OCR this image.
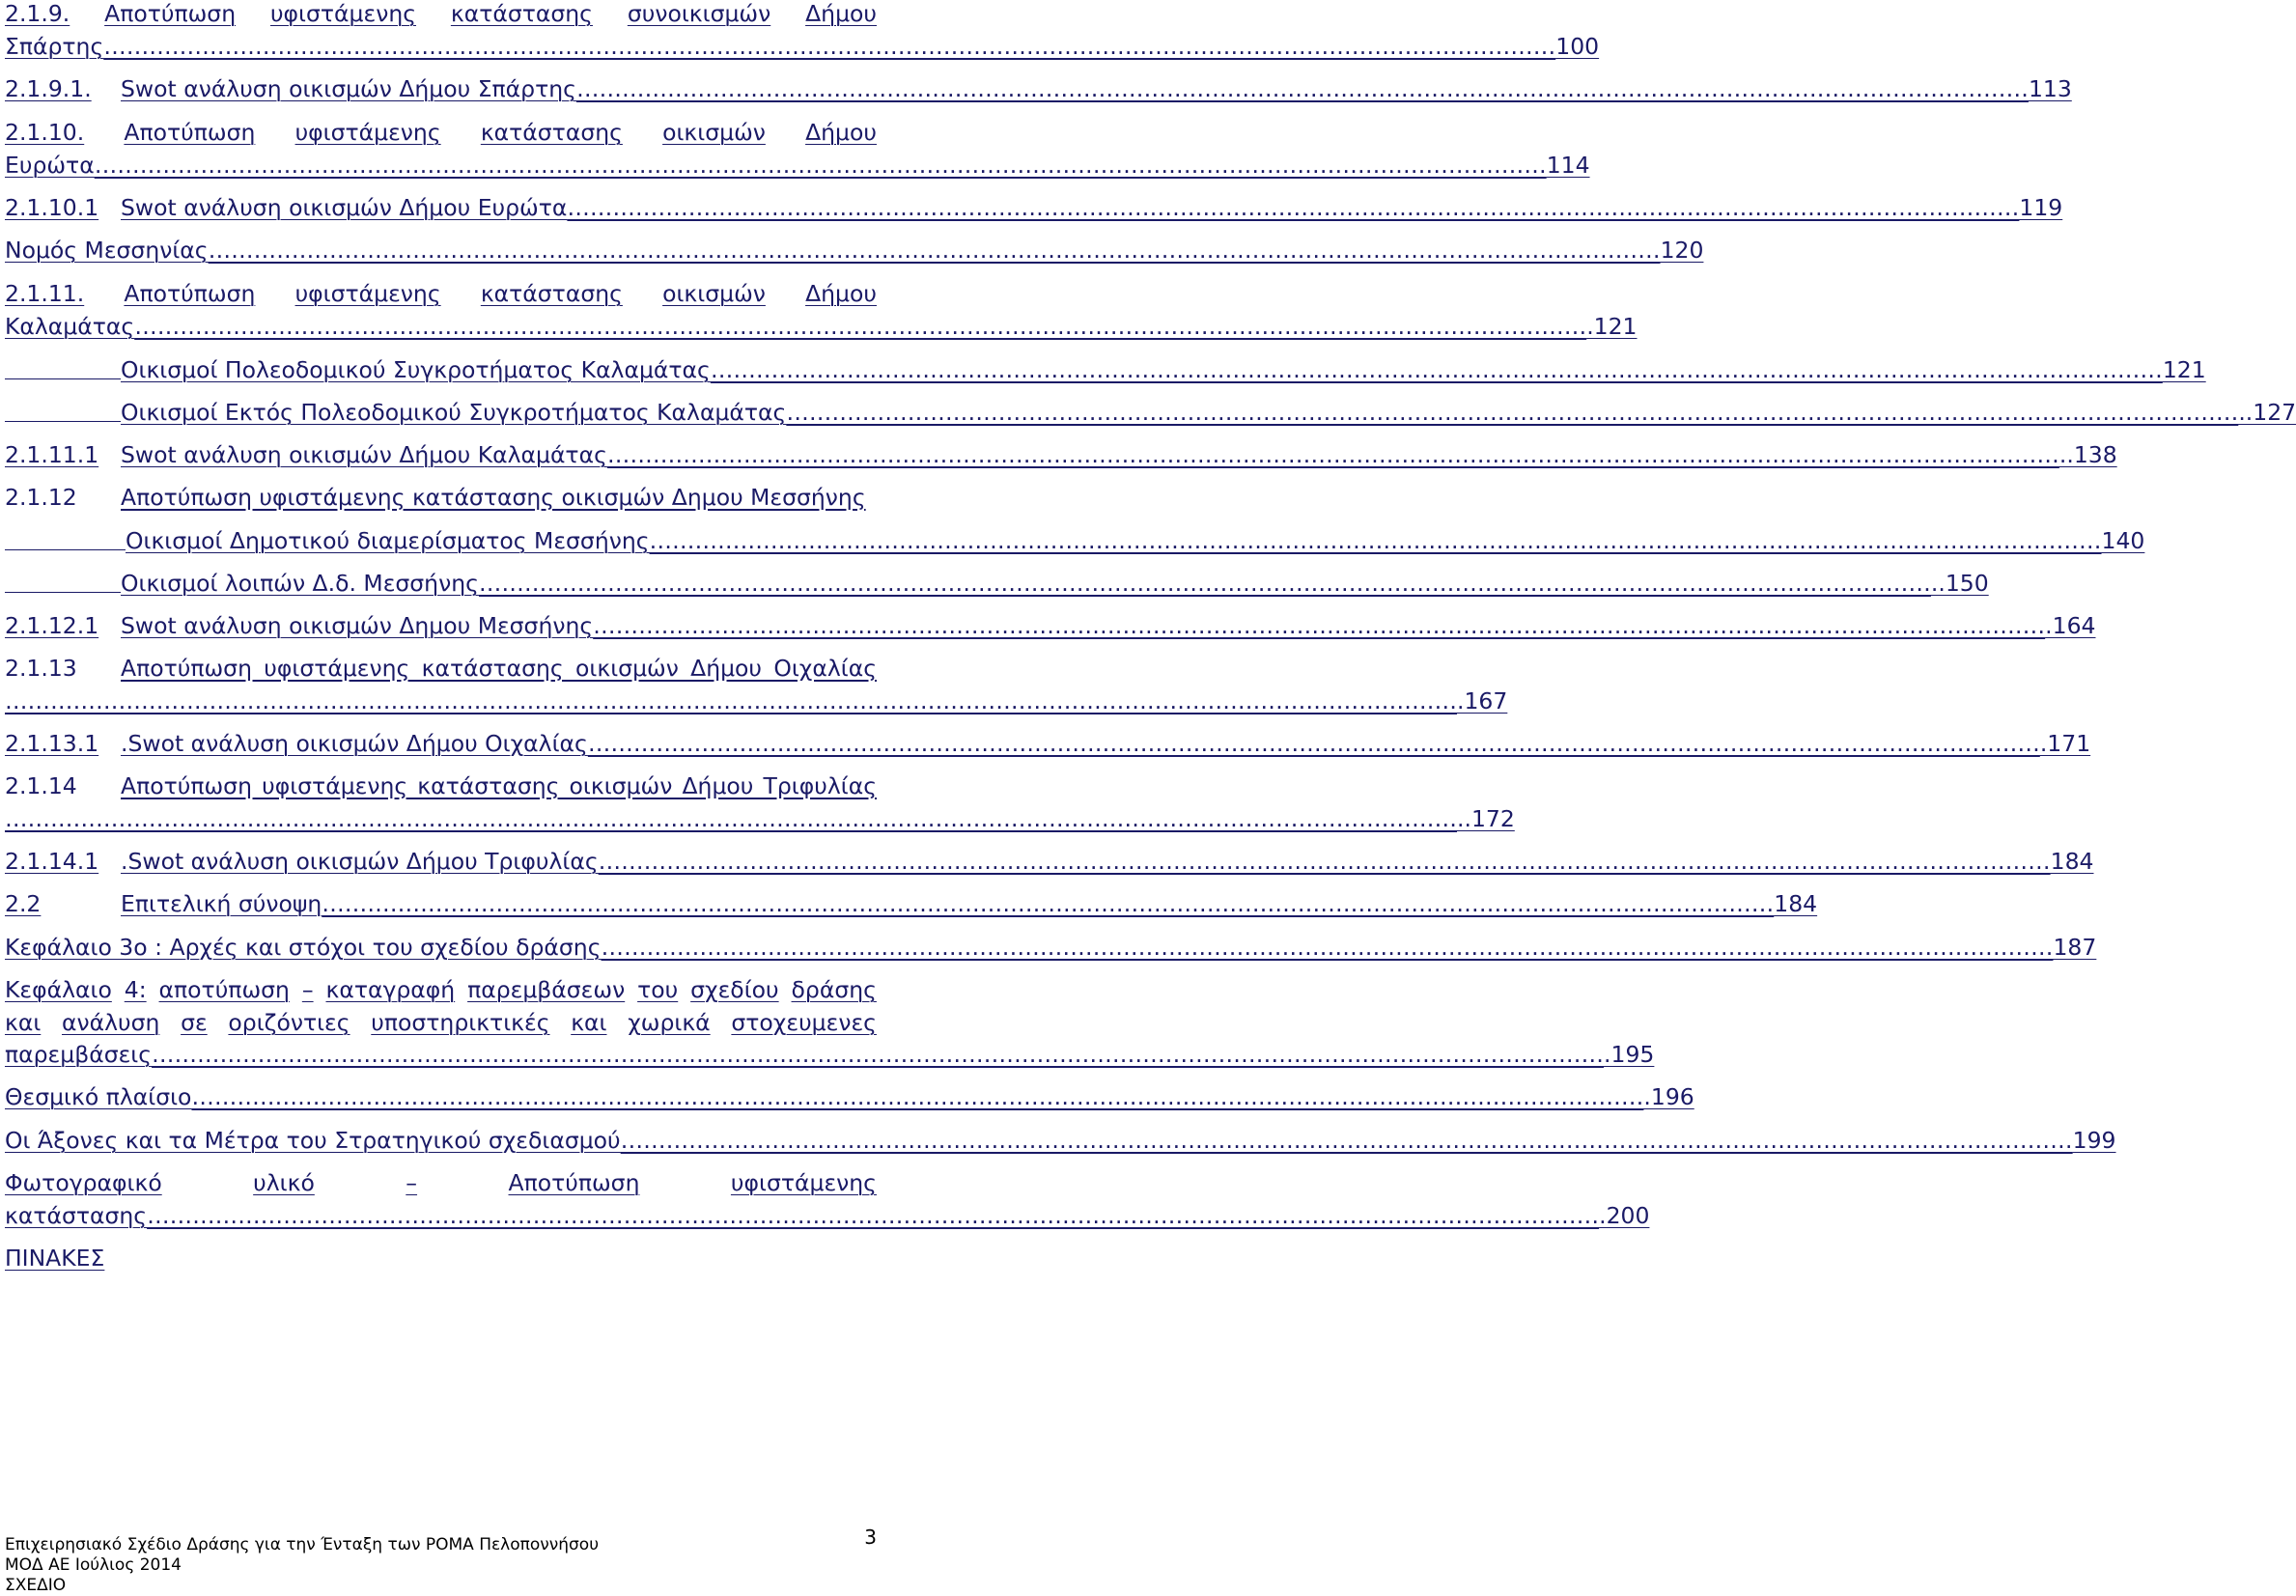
2.1.9. Αποτύπωση υφιστάμενης κατάστασης συνοικισμών Δήμου
Σπάρτης ………………………………………………………………………………………………………………………………………………………………………… 100
2.1.9.1.	Swot ανάλυση οικισμών Δήμου Σπάρτης ………………………………………………………………………………………………………………………………………………………………………… 113
2.1.10. Αποτύπωση υφιστάμενης κατάστασης οικισμών Δήμου
Ευρώτα ………………………………………………………………………………………………………………………………………………………………………… 114
2.1.10.1 Swot ανάλυση οικισμών Δήμου Ευρώτα ………………………………………………………………………………………………………………………………………………………………………… 119
Νομός Μεσσηνίας ………………………………………………………………………………………………………………………………………………………………………… 120
2.1.11. Αποτύπωση υφιστάμενης κατάστασης οικισμών Δήμου
Καλαμάτας ………………………………………………………………………………………………………………………………………………………………………… .121
Οικισμοί Πολεοδομικού Συγκροτήματος Καλαμάτας ………………………………………………………………………………………………………………………………………………………………………… 121
Οικισμοί Εκτός Πολεοδομικού Συγκροτήματος Καλαμάτας ………………………………………………………………………………………………………………………………………………………………………… ..127
2.1.11.1 Swot ανάλυση οικισμών Δήμου Καλαμάτας ………………………………………………………………………………………………………………………………………………………………………… ..138
2.1.12 Αποτύπωση υφιστάμενης κατάστασης οικισμών Δημου Μεσσήνης
Οικισμοί Δημοτικού διαμερίσματος Μεσσήνης ………………………………………………………………………………………………………………………………………………………………………… 140
Οικισμοί λοιπών Δ.δ. Μεσσήνης ………………………………………………………………………………………………………………………………………………………………………… ..150
2.1.12.1 Swot ανάλυση οικισμών Δημου Μεσσήνης ………………………………………………………………………………………………………………………………………………………………………… .164
2.1.13 Αποτύπωση υφιστάμενης κατάστασης οικισμών Δήμου Οιχαλίας
………………………………………………………………………………………………………………………………………………………………………… .167
2.1.13.1 .Swot ανάλυση οικισμών Δήμου Οιχαλίας ………………………………………………………………………………………………………………………………………………………………………… .171
2.1.14 Αποτύπωση υφιστάμενης κατάστασης οικισμών Δήμου Τριφυλίας
………………………………………………………………………………………………………………………………………………………………………… ..172
2.1.14.1 .Swot ανάλυση οικισμών Δήμου Τριφυλίας ………………………………………………………………………………………………………………………………………………………………………… 184
2.2	Επιτελική σύνοψη ………………………………………………………………………………………………………………………………………………………………………… 184
Κεφάλαιο 3ο : Αρχές και στόχοι του σχεδίου δράσης ………………………………………………………………………………………………………………………………………………………………………… 187
Κεφάλαιο 4: αποτύπωση – καταγραφή παρεμβάσεων του σχεδίου δράσης
και ανάλυση σε οριζόντιες υποστηρικτικές και χωρικά στοχευμενες
παρεμβάσεις ………………………………………………………………………………………………………………………………………………………………………… .195
Θεσμικό πλαίσιο ………………………………………………………………………………………………………………………………………………………………………… .196
Οι Άξονες και τα Μέτρα του Στρατηγικού σχεδιασμού ………………………………………………………………………………………………………………………………………………………………………… 199
Φωτογραφικό	υλικό	–	Αποτύπωση	υφιστάμενης
κατάστασης ………………………………………………………………………………………………………………………………………………………………………… .200
ΠΙΝΑΚΕΣ
3
Επιχειρησιακό Σχέδιο Δράσης για την Ένταξη των ΡΟΜΑ Πελοποννήσου
ΜΟΔ ΑΕ Ιούλιος 2014
ΣΧΕΔΙΟ
